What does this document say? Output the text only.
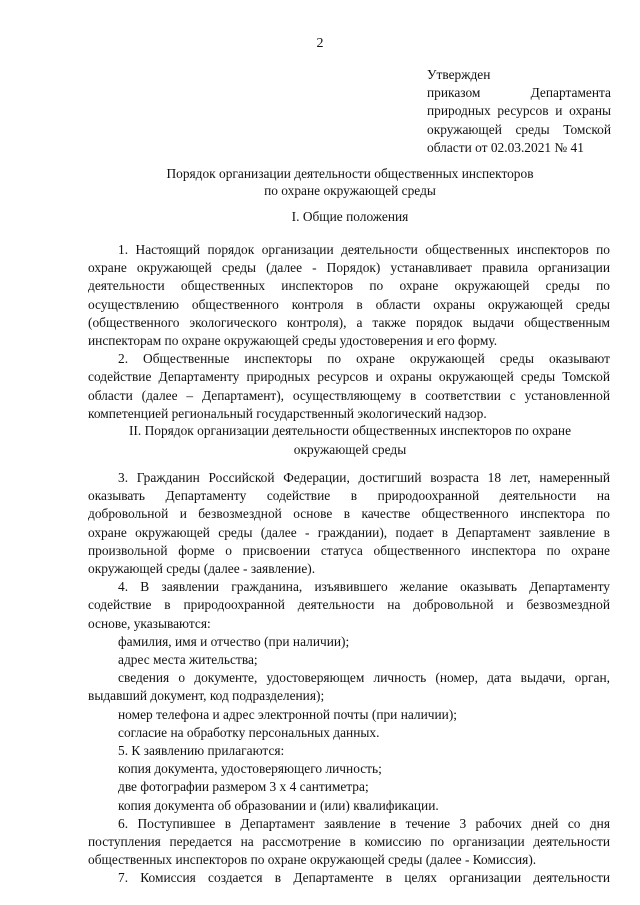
2
Утвержден
приказом Департамента
природных ресурсов и охраны
окружающей среды Томской
области от 02.03.2021 № 41
Порядок организации деятельности общественных инспекторов
по охране окружающей среды
I. Общие положения
1. Настоящий порядок организации деятельности общественных инспекторов по
охране окружающей среды (далее - Порядок) устанавливает правила организации
деятельности общественных инспекторов по охране окружающей среды по
осуществлению общественного контроля в области охраны окружающей среды
(общественного экологического контроля), а также порядок выдачи общественным
инспекторам по охране окружающей среды удостоверения и его форму.
2. Общественные инспекторы по охране окружающей среды оказывают
содействие Департаменту природных ресурсов и охраны окружающей среды Томской
области (далее – Департамент), осуществляющему в соответствии с установленной
компетенцией региональный государственный экологический надзор.
II. Порядок организации деятельности общественных инспекторов по охране
окружающей среды
3. Гражданин Российской Федерации, достигший возраста 18 лет, намеренный
оказывать Департаменту содействие в природоохранной деятельности на
добровольной и безвозмездной основе в качестве общественного инспектора по
охране окружающей среды (далее - граждании), подает в Департамент заявление в
произвольной форме о присвоении статуса общественного инспектора по охране
окружающей среды (далее - заявление).
4. В заявлении гражданина, изъявившего желание оказывать Департаменту
содействие в природоохранной деятельности на добровольной и безвозмездной
основе, указываются:
фамилия, имя и отчество (при наличии);
адрес места жительства;
сведения о документе, удостоверяющем личность (номер, дата выдачи, орган,
выдавший документ, код подразделения);
номер телефона и адрес электронной почты (при наличии);
согласие на обработку персональных данных.
5. К заявлению прилагаются:
копия документа, удостоверяющего личность;
две фотографии размером 3 х 4 сантиметра;
копия документа об образовании и (или) квалификации.
6. Поступившее в Департамент заявление в течение 3 рабочих дней со дня
поступления передается на рассмотрение в комиссию по организации деятельности
общественных инспекторов по охране окружающей среды (далее - Комиссия).
7. Комиссия создается в Департаменте в целях организации деятельности
